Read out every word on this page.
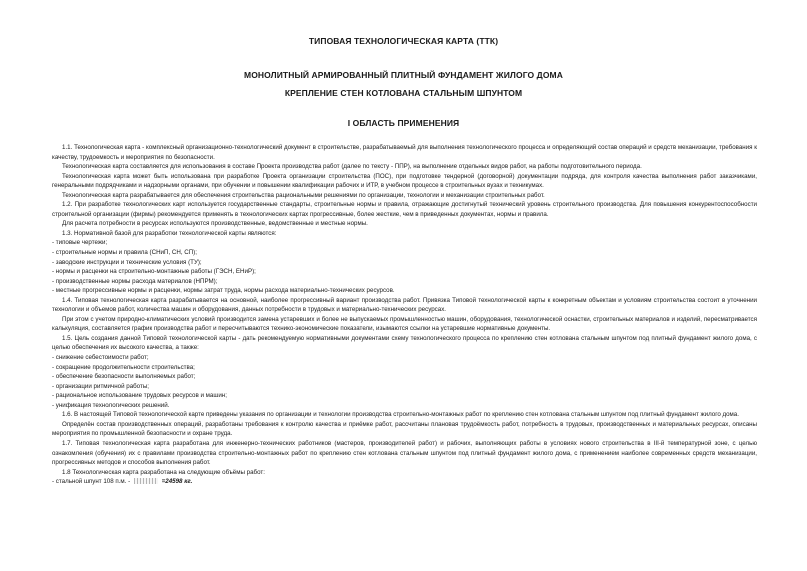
ТИПОВАЯ ТЕХНОЛОГИЧЕСКАЯ КАРТА (ТТК)
МОНОЛИТНЫЙ АРМИРОВАННЫЙ ПЛИТНЫЙ ФУНДАМЕНТ ЖИЛОГО ДОМА
КРЕПЛЕНИЕ СТЕН КОТЛОВАНА СТАЛЬНЫМ ШПУНТОМ
I ОБЛАСТЬ ПРИМЕНЕНИЯ

1.1. Технологическая карта - комплексный организационно-технологический документ в строительстве, разрабатываемый для выполнения технологического процесса и определяющий состав операций и средств механизации, требования к качеству, трудоемкость и мероприятия по безопасности.

Технологическая карта составляется для использования в составе Проекта производства работ (далее по тексту - ППР), на выполнение отдельных видов работ, на работы подготовительного периода.

Технологическая карта может быть использована при разработке Проекта организации строительства (ПОС), при подготовке тендерной (договорной) документации подряда, для контроля качества выполнения работ заказчиками, генеральными подрядчиками и надзорными органами, при обучении и повышении квалификации рабочих и ИТР, в учебном процессе в строительных вузах и техникумах.

Технологическая карта разрабатывается для обеспечения строительства рациональными решениями по организации, технологии и механизации строительных работ.

1.2. При разработке технологических карт используется государственные стандарты, строительные нормы и правила, отражающие достигнутый технический уровень строительного производства. Для повышения конкурентоспособности строительной организации (фирмы) рекомендуется применять в технологических картах прогрессивные, более жесткие, чем в приведенных документах, нормы и правила.

Для расчета потребности в ресурсах используются производственные, ведомственные и местные нормы.

1.3. Нормативной базой для разработки технологической карты являются:

- типовые чертежи;

- строительные нормы и правила (СНиП, СН, СП);

- заводские инструкции и технические условия (ТУ);

- нормы и расценки на строительно-монтажные работы (ГЭСН, ЕНиР);

- производственные нормы расхода материалов (НПРМ);

- местные прогрессивные нормы и расценки, нормы затрат труда, нормы расхода материально-технических ресурсов.

1.4. Типовая технологическая карта разрабатывается на основной, наиболее прогрессивный вариант производства работ. Привязка Типовой технологической карты к конкретным объектам и условиям строительства состоит в уточнении технологии и объемов работ, количества машин и оборудования, данных потребности в трудовых и материально-технических ресурсах.

При этом с учетом природно-климатических условий производится замена устаревших и более не выпускаемых промышленностью машин, оборудования, технологической оснастки, строительных материалов и изделий, пересматривается калькуляция, составляется график производства работ и пересчитываются технико-экономические показатели, изымаются ссылки на устаревшие нормативные документы.

1.5. Цель создания данной Типовой технологической карты - дать рекомендуемую нормативными документами схему технологического процесса по креплению стен котлована стальным шпунтом под плитный фундамент жилого дома, с целью обеспечения их высокого качества, а также:

- снижение себестоимости работ;

- сокращение продолжительности строительства;

- обеспечение безопасности выполняемых работ;

- организации ритмичной работы;

- рациональное использование трудовых ресурсов и машин;

- унификация технологических решений.

1.6. В настоящей Типовой технологической карте приведены указания по организации и технологии производства строительно-монтажных работ по креплению стен котлована стальным шпунтом под плитный фундамент жилого дома.

Определён состав производственных операций, разработаны требования к контролю качества и приёмке работ, рассчитаны плановая трудоёмкость работ, потребность в трудовых, производственных и материальных ресурсах, описаны мероприятия по промышленной безопасности и охране труда.

1.7. Типовая технологическая карта разработана для инженерно-технических работников (мастеров, производителей работ) и рабочих, выполняющих работы в условиях нового строительства в III-й температурной зоне, с целью ознакомления (обучения) их с правилами производства строительно-монтажных работ по креплению стен котлована стальным шпунтом под плитный фундамент жилого дома, с применением наиболее современных средств механизации, прогрессивных методов и способов выполнения работ.

1.8 Технологическая карта разработана на следующие объёмы работ:

- стальной шпунт 108 п.м. -	=24598 кг.
